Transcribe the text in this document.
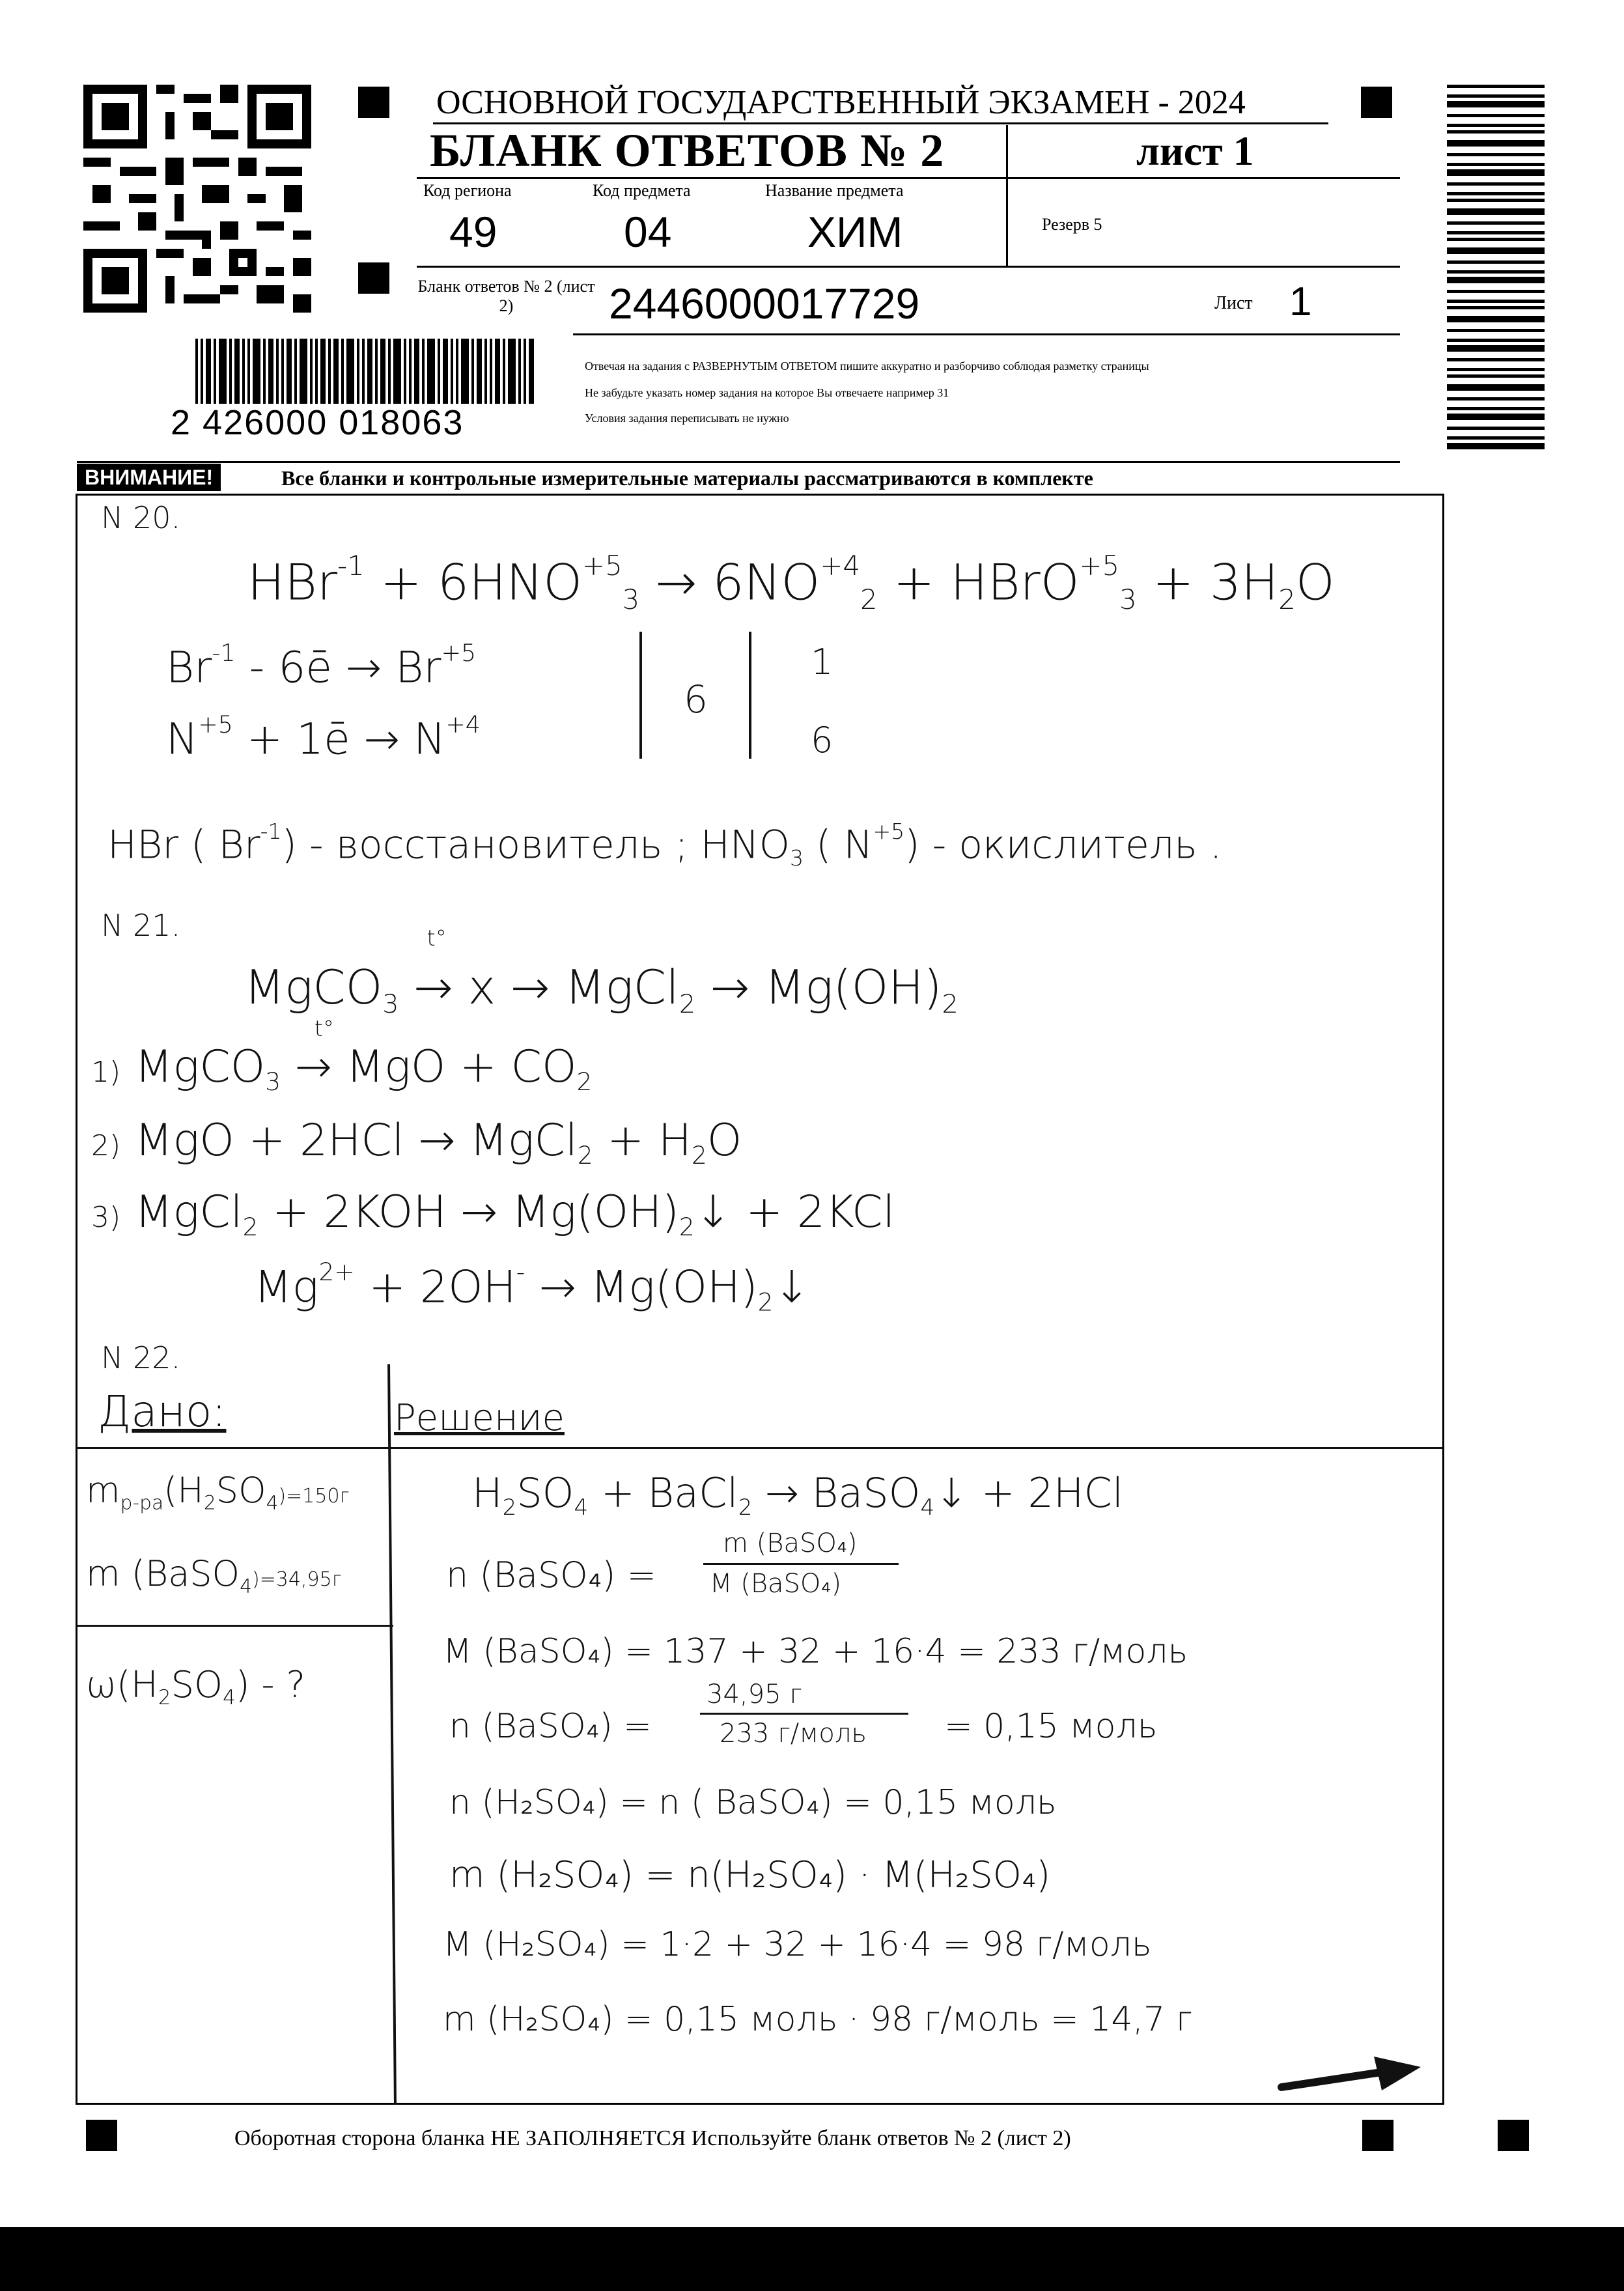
ОСНОВНОЙ ГОСУДАРСТВЕННЫЙ ЭКЗАМЕН - 2024
БЛАНК ОТВЕТОВ № 2	лист 1
Код региона	Код предмета	Название предмета
49	04	ХИМ	Резерв 5
Бланк ответов № 2 (лист 2)	2446000017729	Лист 1
2 426000 018063
Отвечая на задания с РАЗВЕРНУТЫМ ОТВЕТОМ пишите аккуратно и разборчиво соблюдая разметку страницы
Не забудьте указать номер задания на которое Вы отвечаете например 31
Условия задания переписывать не нужно
ВНИМАНИЕ!	Все бланки и контрольные измерительные материалы рассматриваются в комплекте
N 20.
$HBr^{-1} + 6HNO^{+5}3 \to 6NO^{+4}2$ + HBrO$^{+5}$3 + 3H2O
$Br^{-1}$ - 6ē → $Br^{+5}$
$N^{+5}$ + 1ē → $N^{+4}$
6
1
6
HBr ( $Br^{-1}$) - восстановитель ; HNO3 ( $N^{+5}$) - окислитель .
N 21.
MgCO3
t°
→ x → MgCl2 → Mg(OH)2
1) MgCO3
t°
→ MgO + CO2
2) MgO + 2HCl → MgCl2 + H2O
3) MgCl2 + 2KOH → Mg(OH)2↓ + 2KCl
$Mg^{2+} + 2OH^-$ → Mg(OH)2↓
N 22.
Дано:	Решение
mр-ра(H2SO4)=150г
m (BaSO4)=34,95г
ω(H2SO4) - ?
H2SO4 + BaCl2 → BaSO4↓ + 2HCl
n (BaSO₄) =
m (BaSO₄)
M (BaSO₄)
M (BaSO₄) = 137 + 32 + 16·4 = 233 г/моль
n (BaSO₄) =
34,95 г
233 г/моль = 0,15 моль
n (H₂SO₄) = n ( BaSO₄) = 0,15 моль
m (H₂SO₄) = n(H₂SO₄) · M(H₂SO₄)
M (H₂SO₄) = 1·2 + 32 + 16·4 = 98 г/моль
m (H₂SO₄) = 0,15 моль · 98 г/моль = 14,7 г
Оборотная сторона бланка НЕ ЗАПОЛНЯЕТСЯ Используйте бланк ответов № 2 (лист 2)
